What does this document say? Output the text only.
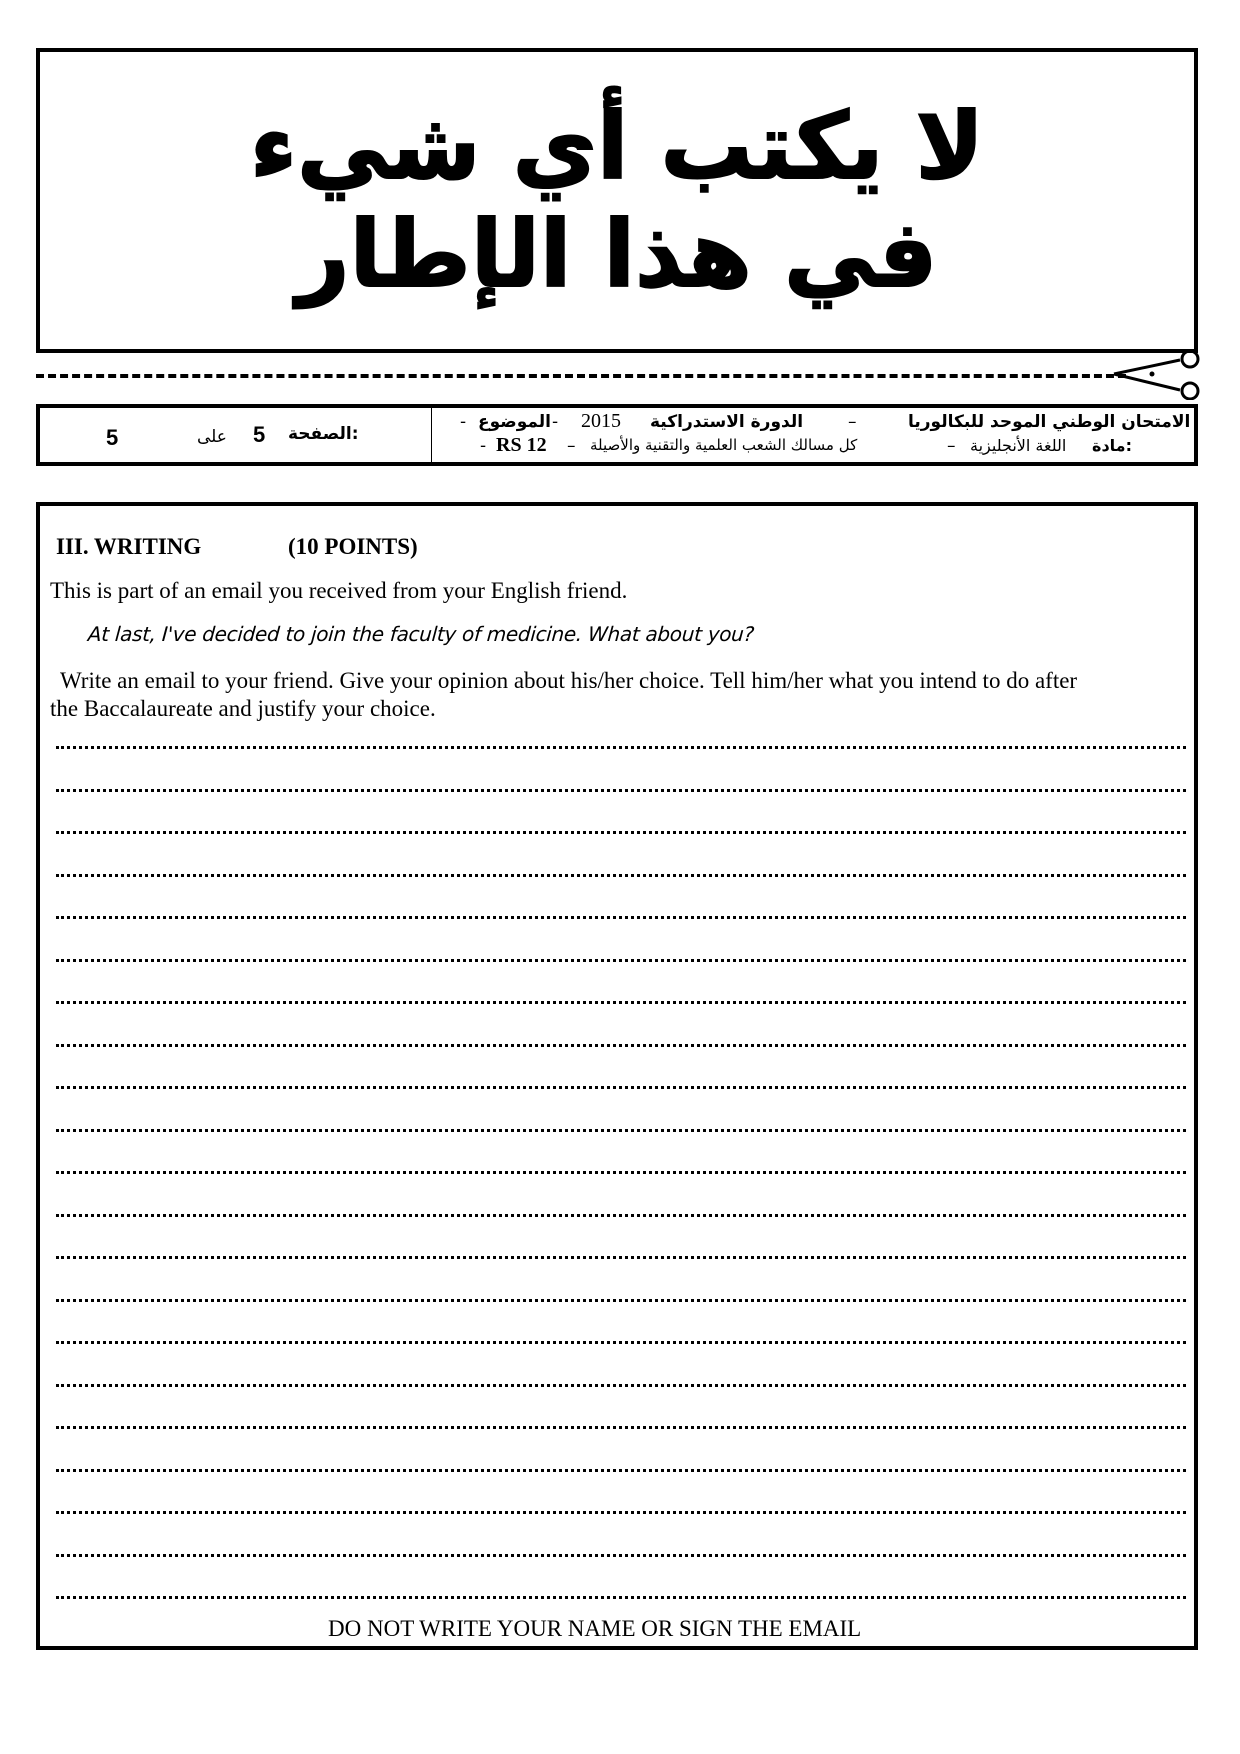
لا يكتب أي شيء
في هذا الإطار
5	على 5 الصفحة:
- الموضوع - 2015 الدورة الاستدراكية	–	الامتحان الوطني الموحد للبكالوريا
- RS 12 – كل مسالك الشعب العلمية والتقنية والأصيلة	– اللغة الأنجليزية مادة:
III. WRITING	(10 POINTS)
This is part of an email you received from your English friend.
At last, I've decided to join the faculty of medicine. What about you?
Write an email to your friend. Give your opinion about his/her choice. Tell him/her what you intend to do after
the Baccalaureate and justify your choice.
DO NOT WRITE YOUR NAME OR SIGN THE EMAIL
